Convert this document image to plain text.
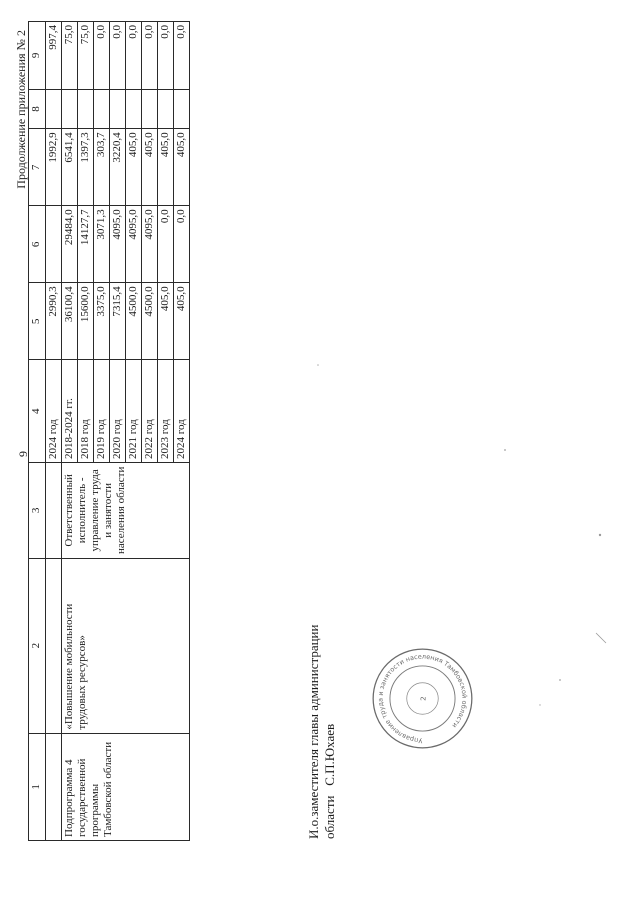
9
Продолжение приложения № 2
1	2	3	4	5	6	7	8	9
			2024 год	2990,3		1992,9		997,4
Подпрограмма 4 государственной программы Тамбовской области	«Повышение мобильности трудовых ресурсов»	Ответственный исполнитель - управление труда и занятости населения области	2018-2024 гг.	36100,4	29484,0	6541,4		75,0
			2018 год	15600,0	14127,7	1397,3		75,0
			2019 год	3375,0	3071,3	303,7		0,0
			2020 год	7315,4	4095,0	3220,4		0,0
			2021 год	4500,0	4095,0	405,0		0,0
			2022 год	4500,0	4095,0	405,0		0,0
			2023 год	405,0	0,0	405,0		0,0
			2024 год	405,0	0,0	405,0		0,0
И.о.заместителя главы администрации области С.П.Юхаев	Управление труда и занятости населения Тамбовской области
2
